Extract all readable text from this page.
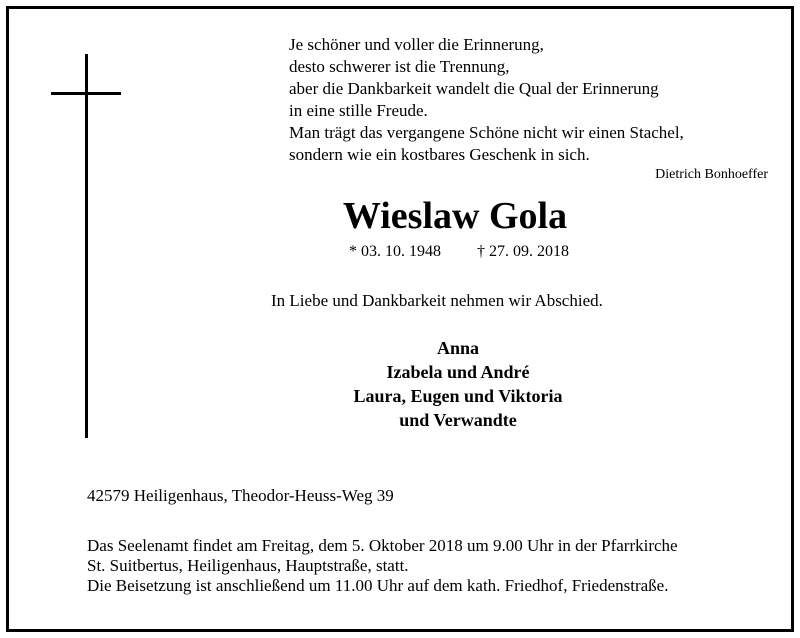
Je schöner und voller die Erinnerung,
desto schwerer ist die Trennung,
aber die Dankbarkeit wandelt die Qual der Erinnerung
in eine stille Freude.
Man trägt das vergangene Schöne nicht wir einen Stachel,
sondern wie ein kostbares Geschenk in sich.
Dietrich Bonhoeffer
Wieslaw Gola
* 03. 10. 1948 † 27. 09. 2018
In Liebe und Dankbarkeit nehmen wir Abschied.
Anna
Izabela und André
Laura, Eugen und Viktoria
und Verwandte
42579 Heiligenhaus, Theodor-Heuss-Weg 39
Das Seelenamt findet am Freitag, dem 5. Oktober 2018 um 9.00 Uhr in der Pfarrkirche
St. Suitbertus, Heiligenhaus, Hauptstraße, statt.
Die Beisetzung ist anschließend um 11.00 Uhr auf dem kath. Friedhof, Friedenstraße.
